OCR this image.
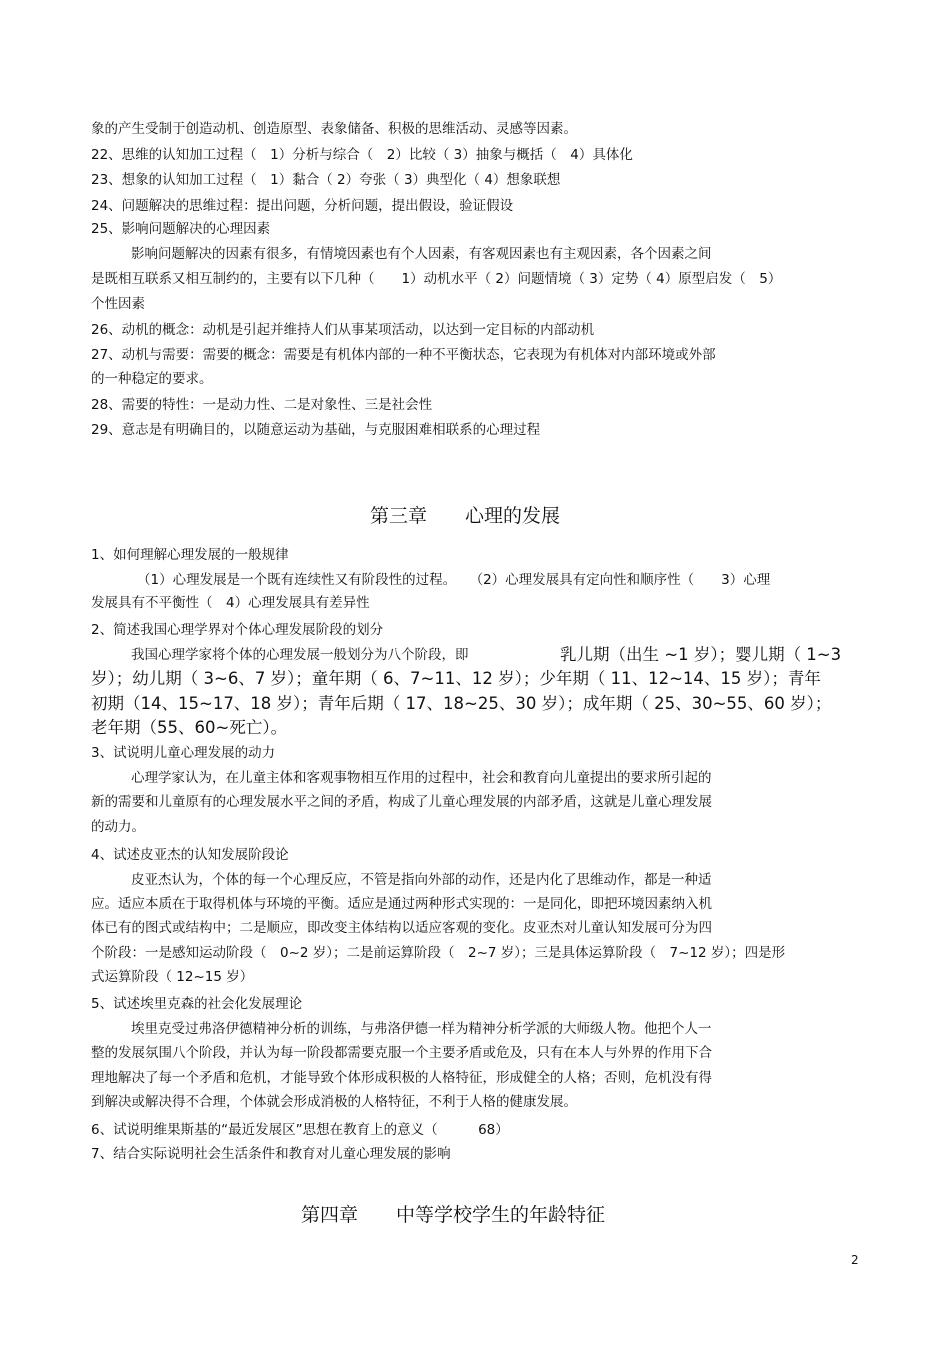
象的产生受制于创造动机、创造原型、表象储备、积极的思维活动、灵感等因素。
22、思维的认知加工过程（　1）分析与综合（　2）比较（ 3）抽象与概括（　4）具体化
23、想象的认知加工过程（　1）黏合（ 2）夸张（ 3）典型化（ 4）想象联想
24、问题解决的思维过程：提出问题，分析问题，提出假设，验证假设
25、影响问题解决的心理因素
影响问题解决的因素有很多，有情境因素也有个人因素，有客观因素也有主观因素，各个因素之间
是既相互联系又相互制约的，主要有以下几种（　　1）动机水平（ 2）问题情境（ 3）定势（ 4）原型启发（　5）
个性因素
26、动机的概念：动机是引起并维持人们从事某项活动，以达到一定目标的内部动机
27、动机与需要：需要的概念：需要是有机体内部的一种不平衡状态，它表现为有机体对内部环境或外部
的一种稳定的要求。
28、需要的特性：一是动力性、二是对象性、三是社会性
29、意志是有明确目的，以随意运动为基础，与克服困难相联系的心理过程
第三章　　心理的发展
1、如何理解心理发展的一般规律
（1）心理发展是一个既有连续性又有阶段性的过程。　　（2）心理发展具有定向性和顺序性（　　3）心理
发展具有不平衡性（　4）心理发展具有差异性
2、简述我国心理学界对个体心理发展阶段的划分
我国心理学家将个体的心理发展一般划分为八个阶段，即	乳儿期（出生 ~1 岁）；婴儿期（ 1~3
岁）；幼儿期（ 3~6、7 岁）；童年期（ 6、7~11、12 岁）；少年期（ 11、12~14、15 岁）；青年
初期（14、15~17、18 岁）；青年后期（ 17、18~25、30 岁）；成年期（ 25、30~55、60 岁）；
老年期（55、60~死亡）。
3、试说明儿童心理发展的动力
心理学家认为，在儿童主体和客观事物相互作用的过程中，社会和教育向儿童提出的要求所引起的
新的需要和儿童原有的心理发展水平之间的矛盾，构成了儿童心理发展的内部矛盾，这就是儿童心理发展
的动力。
4、试述皮亚杰的认知发展阶段论
皮亚杰认为，个体的每一个心理反应，不管是指向外部的动作，还是内化了思维动作，都是一种适
应。适应本质在于取得机体与环境的平衡。适应是通过两种形式实现的：一是同化，即把环境因素纳入机
体已有的图式或结构中；二是顺应，即改变主体结构以适应客观的变化。皮亚杰对儿童认知发展可分为四
个阶段：一是感知运动阶段（　0~2 岁）；二是前运算阶段（　2~7 岁）；三是具体运算阶段（　7~12 岁）；四是形
式运算阶段（ 12~15 岁）
5、试述埃里克森的社会化发展理论
埃里克受过弗洛伊德精神分析的训练，与弗洛伊德一样为精神分析学派的大师级人物。他把个人一
整的发展氛围八个阶段，并认为每一阶段都需要克服一个主要矛盾或危及，只有在本人与外界的作用下合
理地解决了每一个矛盾和危机，才能导致个体形成积极的人格特征，形成健全的人格；否则，危机没有得
到解决或解决得不合理，个体就会形成消极的人格特征，不利于人格的健康发展。
6、试说明维果斯基的“最近发展区”思想在教育上的意义（　　　68）
7、结合实际说明社会生活条件和教育对儿童心理发展的影响
第四章　　中等学校学生的年龄特征
2
